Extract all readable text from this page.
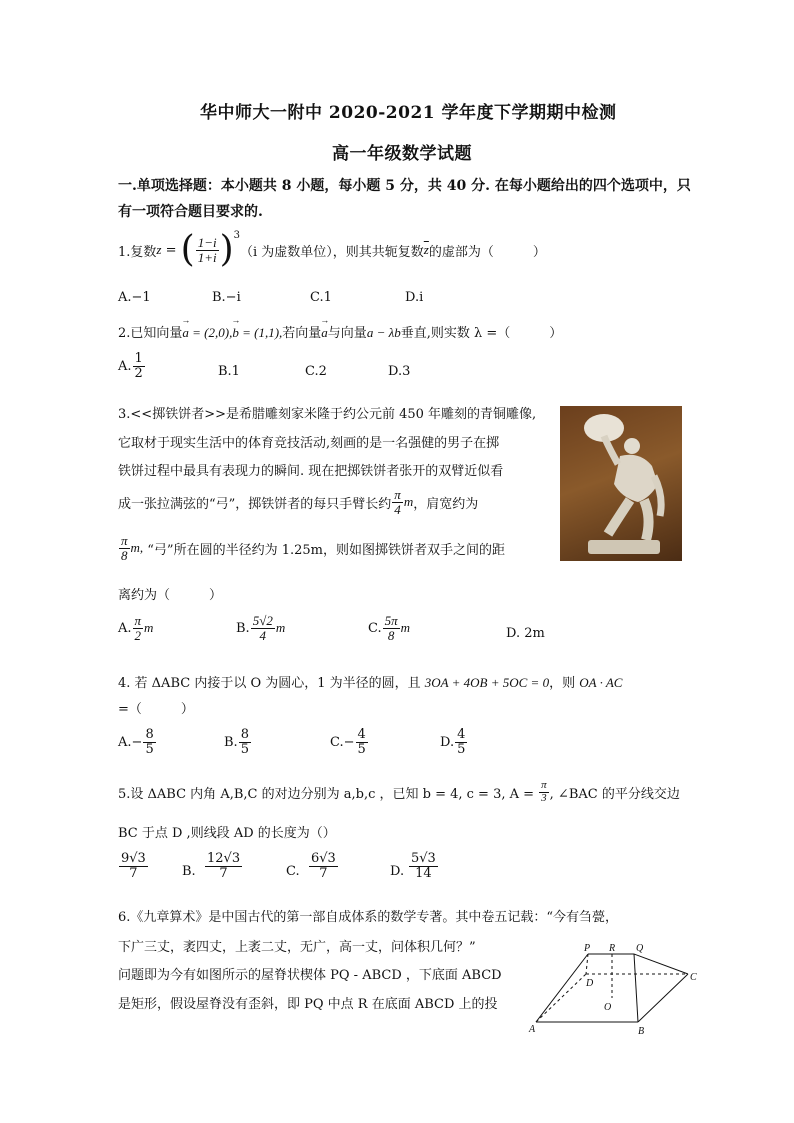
华中师大一附中 2020-2021 学年度下学期期中检测
高一年级数学试题
一.单项选择题：本小题共 8 小题，每小题 5 分，共 40 分. 在每小题给出的四个选项中，只
有一项符合题目要求的.
1.复数 z = ( $\frac{1-i}{1+i} )^3$
（i 为虚数单位），则其共轭复数 $\overline{z}$ 的虚部为（　　　）
A.−1	B.−i	C.1	D.i
2.已知向量→ a = (2,0),→ b = (1,1),若向量→ a与向量a − λb垂直,则实数 λ =（　　　）
A. $\frac{1}{2}$	B.1	C.2	D.3
3.<<掷铁饼者>>是希腊雕刻家米隆于约公元前 450 年雕刻的青铜雕像,
它取材于现实生活中的体育竞技活动,刻画的是一名强健的男子在掷
铁饼过程中最具有表现力的瞬间. 现在把掷铁饼者张开的双臂近似看
成一张拉满弦的“弓”，掷铁饼者的每只手臂长约 $\frac{\pi}{4}$ m ，肩宽约为
$\frac{\pi}{8} m$, “弓”所在圆的半径约为 1.25m，则如图掷铁饼者双手之间的距
离约为（　　　）
A. $\frac{\pi}{2}$ m	B. $\frac{5√2}{4}$ m	C. $\frac{5\pi}{8}$ m	D. 2m
4. 若 ΔABC 内接于以 O 为圆心，1 为半径的圆，且 3OA + 4OB + 5OC = 0，则 OA · AC
=（　　　）
A. − $\frac{8}{5}$	B. $\frac{8}{5}$	C. − $\frac{4}{5}$	D. $\frac{4}{5}$
5.设 ΔABC 内角 A,B,C 的对边分别为 a,b,c ，已知 b = 4, c = 3, $A = \frac{\pi}{3}$ , ∠BAC 的平分线交边
BC 于点 D ,则线段 AD 的长度为（）
$\frac{9√3}{7}$	B. $\frac{12√3}{7}$	C. $\frac{6√3}{7}$	D. $\frac{5√3}{14}$
6.《九章算术》是中国古代的第一部自成体系的数学专著。其中卷五记载：“今有刍甍，
下广三丈，袤四丈，上袤二丈，无广，高一丈，问体积几何？”
问题即为今有如图所示的屋脊状楔体 PQ - ABCD ，下底面 ABCD
是矩形，假设屋脊没有歪斜，即 PQ 中点 R 在底面 ABCD 上的投
P R Q
D
C
O
A	B
